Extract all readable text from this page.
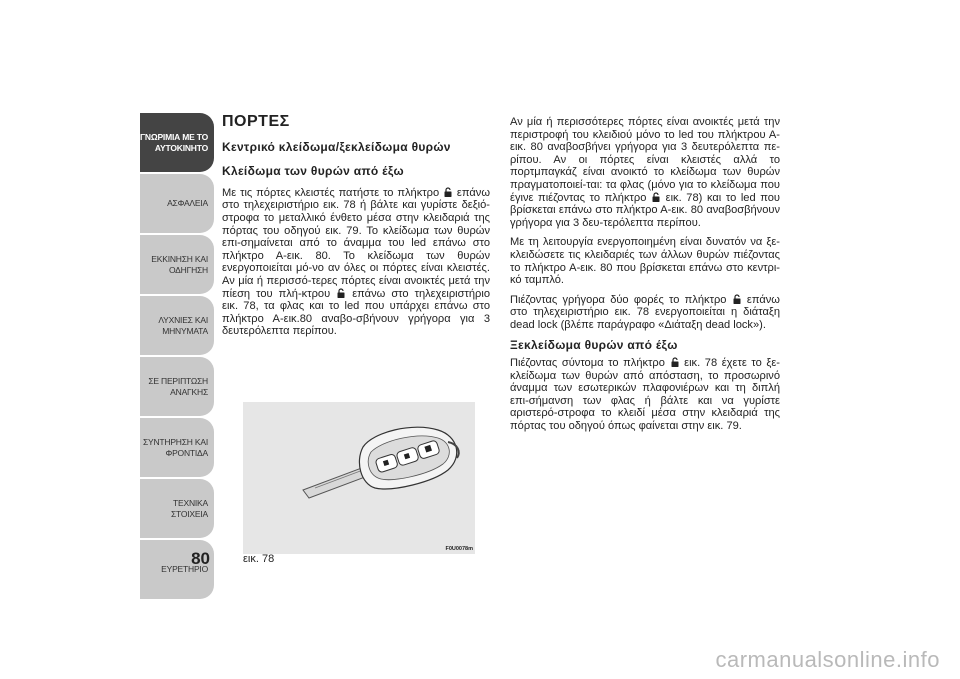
ΓΝΩΡΙΜΙΑ ΜΕ ΤΟ
ΑΥΤΟΚΙΝΗΤΟ
ΑΣΦΑΛΕΙΑ
ΕΚΚΙΝΗΣΗ ΚΑΙ
ΟΔΗΓΗΣΗ
ΛΥΧΝΙΕΣ ΚΑΙ
ΜΗΝΥΜΑΤΑ
ΣΕ ΠΕΡΙΠΤΩΣΗ
ΑΝΑΓΚΗΣ
ΣΥΝΤΗΡΗΣΗ ΚΑΙ
ΦΡΟΝΤΙΔΑ
ΤΕΧΝΙΚΑ ΣΤΟΙΧΕΙΑ
ΕΥΡΕΤΗΡΙΟ
80
ΠΟΡΤΕΣ
Κεντρικό κλείδωμα/ξεκλείδωμα θυρών
Κλείδωμα των θυρών από έξω

Με τις πόρτες κλειστές πατήστε το πλήκτρο επάνω στο τηλεχειριστήριο εικ. 78 ή βάλτε και γυρίστε δεξιό-στροφα το μεταλλικό ένθετο μέσα στην κλειδαριά της πόρτας του οδηγού εικ. 79. Το κλείδωμα των θυρών επι-σημαίνεται από το άναμμα του led επάνω στο πλήκτρο Α-εικ. 80. Το κλείδωμα των θυρών ενεργοποιείται μό-νο αν όλες οι πόρτες είναι κλειστές. Αν μία ή περισσό-τερες πόρτες είναι ανοικτές μετά την πίεση του πλή-κτρου επάνω στο τηλεχειριστήριο εικ. 78, τα φλας και το led που υπάρχει επάνω στο πλήκτρο Α-εικ.80 αναβο-σβήνουν γρήγορα για 3 δευτερόλεπτα περίπου.

F0U0078m
εικ. 78

Αν μία ή περισσότερες πόρτες είναι ανοικτές μετά την περιστροφή του κλειδιού μόνο το led του πλήκτρου Α-εικ. 80 αναβοσβήνει γρήγορα για 3 δευτερόλεπτα πε-ρίπου. Αν οι πόρτες είναι κλειστές αλλά το πορτμπαγκάζ είναι ανοικτό το κλείδωμα των θυρών πραγματοποιεί-ται: τα φλας (μόνο για το κλείδωμα που έγινε πιέζοντας το πλήκτρο εικ. 78) και το led που βρίσκεται επάνω στο πλήκτρο Α-εικ. 80 αναβοσβήνουν γρήγορα για 3 δευ-τερόλεπτα περίπου.

Με τη λειτουργία ενεργοποιημένη είναι δυνατόν να ξε-κλειδώσετε τις κλειδαριές των άλλων θυρών πιέζοντας το πλήκτρο Α-εικ. 80 που βρίσκεται επάνω στο κεντρι-κό ταμπλό.

Πιέζοντας γρήγορα δύο φορές το πλήκτρο επάνω στο τηλεχειριστήριο εικ. 78 ενεργοποιείται η διάταξη dead lock (βλέπε παράγραφο «Διάταξη dead lock»).

Ξεκλείδωμα θυρών από έξω

Πιέζοντας σύντομα το πλήκτρο εικ. 78 έχετε το ξε-κλείδωμα των θυρών από απόσταση, το προσωρινό άναμμα των εσωτερικών πλαφονιέρων και τη διπλή επι-σήμανση των φλας ή βάλτε και να γυρίστε αριστερό-στροφα το κλειδί μέσα στην κλειδαριά της πόρτας του οδηγού όπως φαίνεται στην εικ. 79.

carmanualsonline.info
